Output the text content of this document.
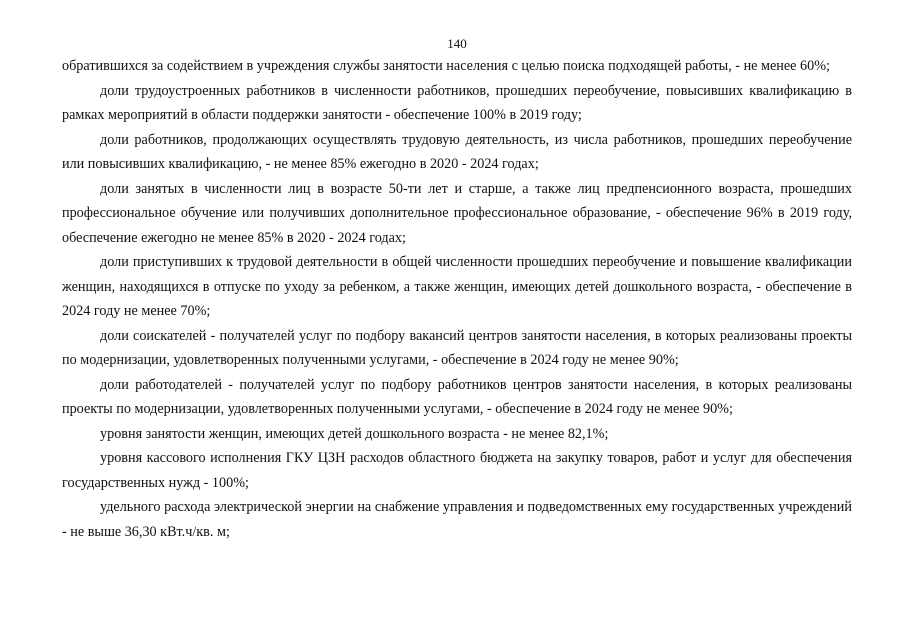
140

обратившихся за содействием в учреждения службы занятости населения с целью поиска подходящей работы, - не менее 60%;

доли трудоустроенных работников в численности работников, прошедших переобучение, повысивших квалификацию в рамках мероприятий в области поддержки занятости - обеспечение 100% в 2019 году;

доли работников, продолжающих осуществлять трудовую деятельность, из числа работников, прошедших переобучение или повысивших квалификацию, - не менее 85% ежегодно в 2020 - 2024 годах;

доли занятых в численности лиц в возрасте 50-ти лет и старше, а также лиц предпенсионного возраста, прошедших профессиональное обучение или получивших дополнительное профессиональное образование, - обеспечение 96% в 2019 году, обеспечение ежегодно не менее 85% в 2020 - 2024 годах;

доли приступивших к трудовой деятельности в общей численности прошедших переобучение и повышение квалификации женщин, находящихся в отпуске по уходу за ребенком, а также женщин, имеющих детей дошкольного возраста, - обеспечение в 2024 году не менее 70%;

доли соискателей - получателей услуг по подбору вакансий центров занятости населения, в которых реализованы проекты по модернизации, удовлетворенных полученными услугами, - обеспечение в 2024 году не менее 90%;

доли работодателей - получателей услуг по подбору работников центров занятости населения, в которых реализованы проекты по модернизации, удовлетворенных полученными услугами, - обеспечение в 2024 году не менее 90%;

уровня занятости женщин, имеющих детей дошкольного возраста - не менее 82,1%;

уровня кассового исполнения ГКУ ЦЗН расходов областного бюджета на закупку товаров, работ и услуг для обеспечения государственных нужд - 100%;

удельного расхода электрической энергии на снабжение управления и подведомственных ему государственных учреждений - не выше 36,30 кВт.ч/кв. м;
